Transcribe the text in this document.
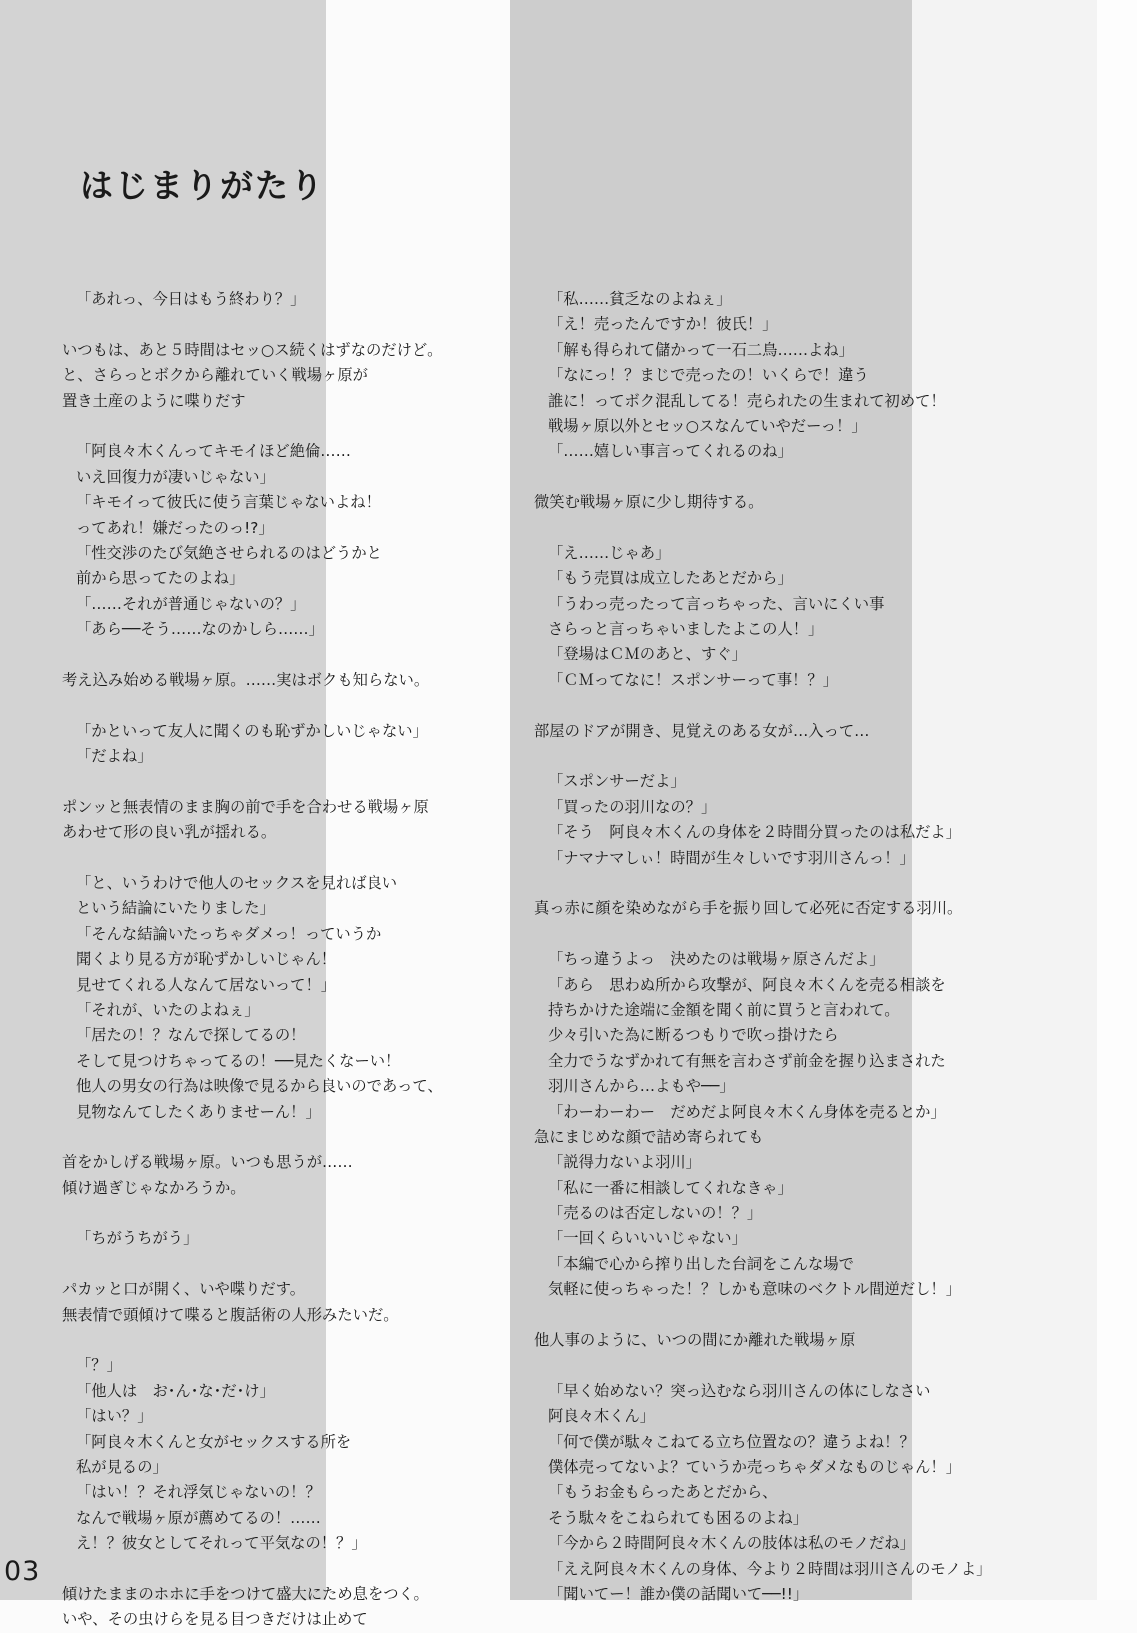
はじまりがたり
「あれっ、今日はもう終わり？」
いつもは、あと５時間はセッ○ス続くはずなのだけど。
と、さらっとボクから離れていく戦場ヶ原が
置き土産のように喋りだす
「阿良々木くんってキモイほど絶倫……
いえ回復力が凄いじゃない」
「キモイって彼氏に使う言葉じゃないよね！
ってあれ！嫌だったのっ!?」
「性交渉のたび気絶させられるのはどうかと
前から思ってたのよね」
「……それが普通じゃないの？」
「あら──そう……なのかしら……」
考え込み始める戦場ヶ原。……実はボクも知らない。
「かといって友人に聞くのも恥ずかしいじゃない」
「だよね」
ポンッと無表情のまま胸の前で手を合わせる戦場ヶ原
あわせて形の良い乳が揺れる。
「と、いうわけで他人のセックスを見れば良い
という結論にいたりました」
「そんな結論いたっちゃダメっ！っていうか
聞くより見る方が恥ずかしいじゃん！
見せてくれる人なんて居ないって！」
「それが、いたのよねぇ」
「居たの！？なんで探してるの！
そして見つけちゃってるの！──見たくなーい！
他人の男女の行為は映像で見るから良いのであって、
見物なんてしたくありませーん！」
首をかしげる戦場ヶ原。いつも思うが……
傾け過ぎじゃなかろうか。
「ちがうちがう」
パカッと口が開く、いや喋りだす。
無表情で頭傾けて喋ると腹話術の人形みたいだ。
「？」
「他人は　お･ん･な･だ･け」
「はい？」
「阿良々木くんと女がセックスする所を
私が見るの」
「はい！？それ浮気じゃないの！？
なんで戦場ヶ原が薦めてるの！……
え！？彼女としてそれって平気なの！？」
傾けたままのホホに手をつけて盛大にため息をつく。
いや、その虫けらを見る目つきだけは止めて
「私……貧乏なのよねぇ」
「え！売ったんですか！彼氏！」
「解も得られて儲かって一石二鳥……よね」
「なにっ！？まじで売ったの！いくらで！違う
誰に！ってボク混乱してる！売られたの生まれて初めて！
戦場ヶ原以外とセッ○スなんていやだーっ！」
「……嬉しい事言ってくれるのね」
微笑む戦場ヶ原に少し期待する。
「え……じゃあ」
「もう売買は成立したあとだから」
「うわっ売ったって言っちゃった、言いにくい事
さらっと言っちゃいましたよこの人！」
「登場はＣＭのあと、すぐ」
「ＣＭってなに！スポンサーって事！？」
部屋のドアが開き、見覚えのある女が…入って…
「スポンサーだよ」
「買ったの羽川なの？」
「そう　阿良々木くんの身体を２時間分買ったのは私だよ」
「ナマナマしぃ！時間が生々しいです羽川さんっ！」
真っ赤に顔を染めながら手を振り回して必死に否定する羽川。
「ちっ違うよっ　決めたのは戦場ヶ原さんだよ」
「あら　思わぬ所から攻撃が、阿良々木くんを売る相談を
持ちかけた途端に金額を聞く前に買うと言われて。
少々引いた為に断るつもりで吹っ掛けたら
全力でうなずかれて有無を言わさず前金を握り込まされた
羽川さんから…よもや──」
「わーわーわー　だめだよ阿良々木くん身体を売るとか」
急にまじめな顔で詰め寄られても
「説得力ないよ羽川」
「私に一番に相談してくれなきゃ」
「売るのは否定しないの！？」
「一回くらいいいじゃない」
「本編で心から搾り出した台詞をこんな場で
気軽に使っちゃった！？しかも意味のベクトル間逆だし！」
他人事のように、いつの間にか離れた戦場ヶ原
「早く始めない？突っ込むなら羽川さんの体にしなさい
阿良々木くん」
「何で僕が駄々こねてる立ち位置なの？違うよね！？
僕体売ってないよ？ていうか売っちゃダメなものじゃん！」
「もうお金もらったあとだから、
そう駄々をこねられても困るのよね」
「今から２時間阿良々木くんの肢体は私のモノだね」
「ええ阿良々木くんの身体、今より２時間は羽川さんのモノよ」
「聞いてー！誰か僕の話聞いて──!!」
03
